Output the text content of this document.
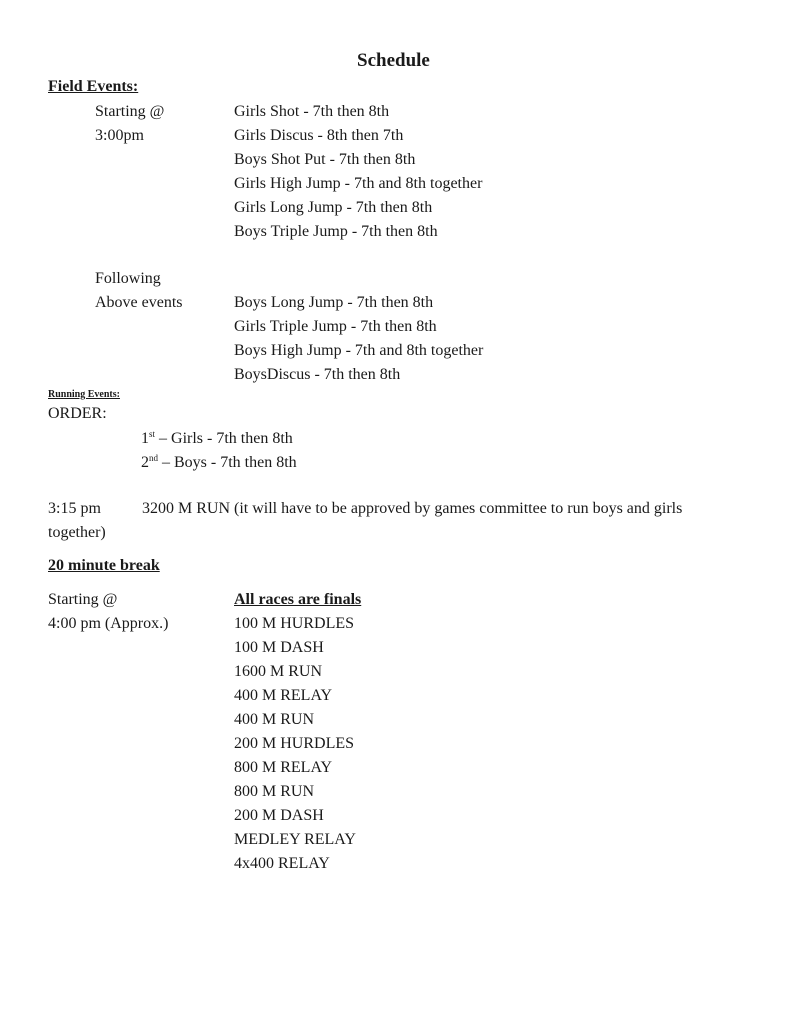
Schedule
Field Events:
Starting @
3:00pm
Girls Shot - 7th then 8th
Girls Discus - 8th then 7th
Boys Shot Put - 7th then 8th
Girls High Jump - 7th and 8th together
Girls Long Jump - 7th then 8th
Boys Triple Jump - 7th then 8th
Following
Above events	Boys Long Jump - 7th then 8th
Girls Triple Jump - 7th then 8th
Boys High Jump - 7th and 8th together
BoysDiscus - 7th then 8th
Running Events:
ORDER:
1st – Girls - 7th then 8th
2nd – Boys - 7th then 8th
3:15 pm	3200 M RUN (it will have to be approved by games committee to run boys and girls together)
20 minute break
Starting @
4:00 pm (Approx.)
All races are finals
100 M HURDLES
100 M DASH
1600 M RUN
400 M RELAY
400 M RUN
200 M HURDLES
800 M RELAY
800 M RUN
200 M DASH
MEDLEY RELAY
4x400 RELAY
